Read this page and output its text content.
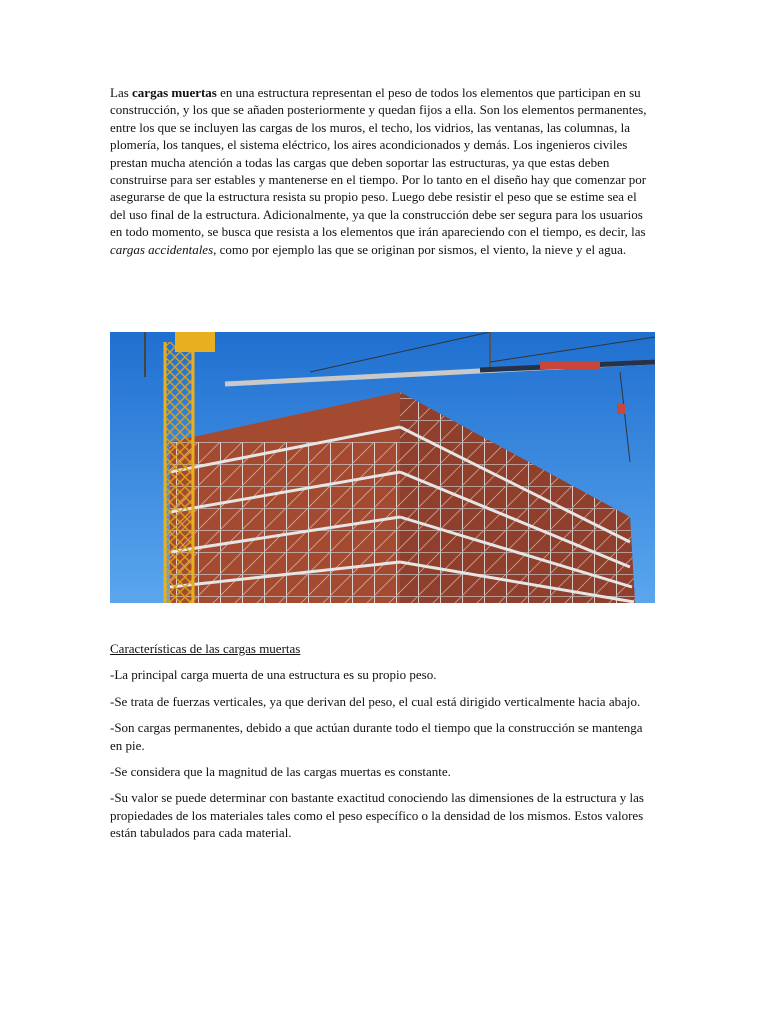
Las cargas muertas en una estructura representan el peso de todos los elementos que participan en su construcción, y los que se añaden posteriormente y quedan fijos a ella. Son los elementos permanentes, entre los que se incluyen las cargas de los muros, el techo, los vidrios, las ventanas, las columnas, la plomería, los tanques, el sistema eléctrico, los aires acondicionados y demás. Los ingenieros civiles prestan mucha atención a todas las cargas que deben soportar las estructuras, ya que estas deben construirse para ser estables y mantenerse en el tiempo. Por lo tanto en el diseño hay que comenzar por asegurarse de que la estructura resista su propio peso. Luego debe resistir el peso que se estime sea el del uso final de la estructura. Adicionalmente, ya que la construcción debe ser segura para los usuarios en todo momento, se busca que resista a los elementos que irán apareciendo con el tiempo, es decir, las cargas accidentales, como por ejemplo las que se originan por sismos, el viento, la nieve y el agua.

Características de las cargas muertas

-La principal carga muerta de una estructura es su propio peso.

-Se trata de fuerzas verticales, ya que derivan del peso, el cual está dirigido verticalmente hacia abajo.

-Son cargas permanentes, debido a que actúan durante todo el tiempo que la construcción se mantenga en pie.

-Se considera que la magnitud de las cargas muertas es constante.

-Su valor se puede determinar con bastante exactitud conociendo las dimensiones de la estructura y las propiedades de los materiales tales como el peso específico o la densidad de los mismos. Estos valores están tabulados para cada material.
